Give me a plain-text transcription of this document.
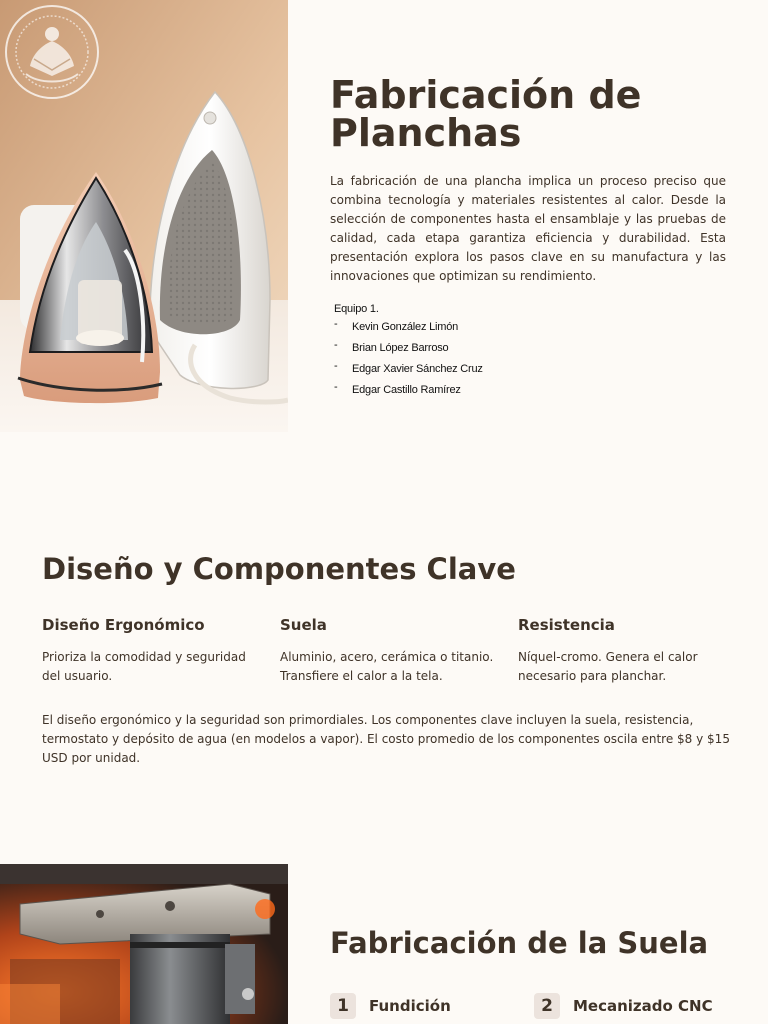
Fabricación de Planchas

La fabricación de una plancha implica un proceso preciso que combina tecnología y materiales resistentes al calor. Desde la selección de componentes hasta el ensamblaje y las pruebas de calidad, cada etapa garantiza eficiencia y durabilidad. Esta presentación explora los pasos clave en su manufactura y las innovaciones que optimizan su rendimiento.

Equipo 1.
- Kevin González Limón
- Brian López Barroso
- Edgar Xavier Sánchez Cruz
- Edgar Castillo Ramírez
Diseño y Componentes Clave
Diseño Ergonómico

Prioriza la comodidad y seguridad del usuario.

Suela

Aluminio, acero, cerámica o titanio. Transfiere el calor a la tela.

Resistencia

Níquel-cromo. Genera el calor necesario para planchar.

El diseño ergonómico y la seguridad son primordiales. Los componentes clave incluyen la suela, resistencia, termostato y depósito de agua (en modelos a vapor). El costo promedio de los componentes oscila entre $8 y $15 USD por unidad.

Fabricación de la Suela
1	Fundición	2	Mecanizado CNC
